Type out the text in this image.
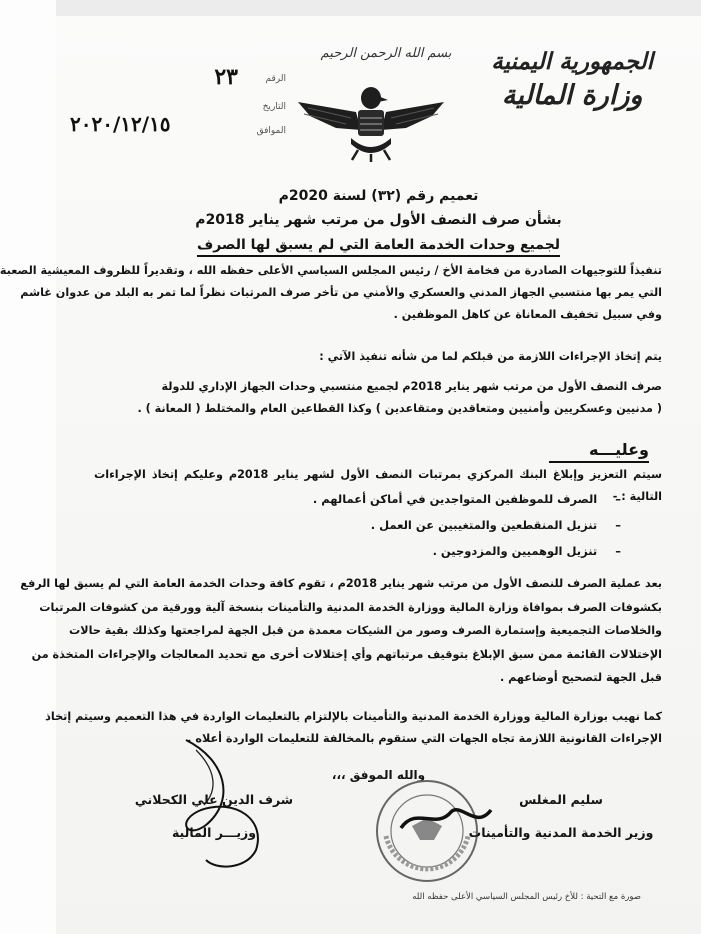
الجمهورية اليمنية
وزارة المالية
بسم الله الرحمن الرحيم
الرقم
٢٣
التاريخ
الموافق
٢٠٢٠/١٢/١٥
تعميم رقم (٣٢) لسنة 2020م
بشأن صرف النصف الأول من مرتب شهر يناير 2018م
لجميع وحدات الخدمة العامة التي لم يسبق لها الصرف
تنفيذاً للتوجيهات الصادرة من فخامة الأخ / رئيس المجلس السياسي الأعلى حفظه الله ، وتقديراً للظروف المعيشية الصعبة
التي يمر بها منتسبي الجهاز المدني والعسكري والأمني من تأخر صرف المرتبات نظراً لما تمر به البلد من عدوان غاشم
وفي سبيل تخفيف المعاناة عن كاهل الموظفين .
يتم إتخاذ الإجراءات اللازمة من قبلكم لما من شأنه تنفيذ الآتي :
صرف النصف الأول من مرتب شهر يناير 2018م لجميع منتسبي وحدات الجهاز الإداري للدولة
( مدنيين وعسكريين وأمنيين ومتعاقدين ومتقاعدين ) وكذا القطاعين العام والمختلط ( المعانة ) .
وعليـــه
سيتم التعزيز وإبلاغ البنك المركزي بمرتبات النصف الأول لشهر يناير 2018م وعليكم إتخاذ الإجراءات التالية : -
– الصرف للموظفين المتواجدين في أماكن أعمالهم .
– تنزيل المنقطعين والمتغيبين عن العمل .
– تنزيل الوهميين والمزدوجين .
بعد عملية الصرف للنصف الأول من مرتب شهر يناير 2018م ، تقوم كافة وحدات الخدمة العامة التي لم يسبق لها الرفع
بكشوفات الصرف بموافاة وزارة المالية ووزارة الخدمة المدنية والتأمينات بنسخة آلية وورقية من كشوفات المرتبات
والخلاصات التجميعية وإستمارة الصرف وصور من الشيكات معمدة من قبل الجهة لمراجعتها وكذلك بقية حالات
الإختلالات القائمة ممن سبق الإبلاغ بتوقيف مرتباتهم وأي إختلالات أخرى مع تحديد المعالجات والإجراءات المتخذة من
قبل الجهة لتصحيح أوضاعهم .
كما نهيب بوزارة المالية ووزارة الخدمة المدنية والتأمينات بالإلتزام بالتعليمات الواردة في هذا التعميم وسيتم إتخاذ
الإجراءات القانونية اللازمة تجاه الجهات التي ستقوم بالمخالفة للتعليمات الواردة أعلاه .
والله الموفق ،،،
شرف الدين علي الكحلاني
وزيـــر المالية
سليم المغلس
وزير الخدمة المدنية والتأمينات
صورة مع التحية : للأخ رئيس المجلس السياسي الأعلى حفظه الله
